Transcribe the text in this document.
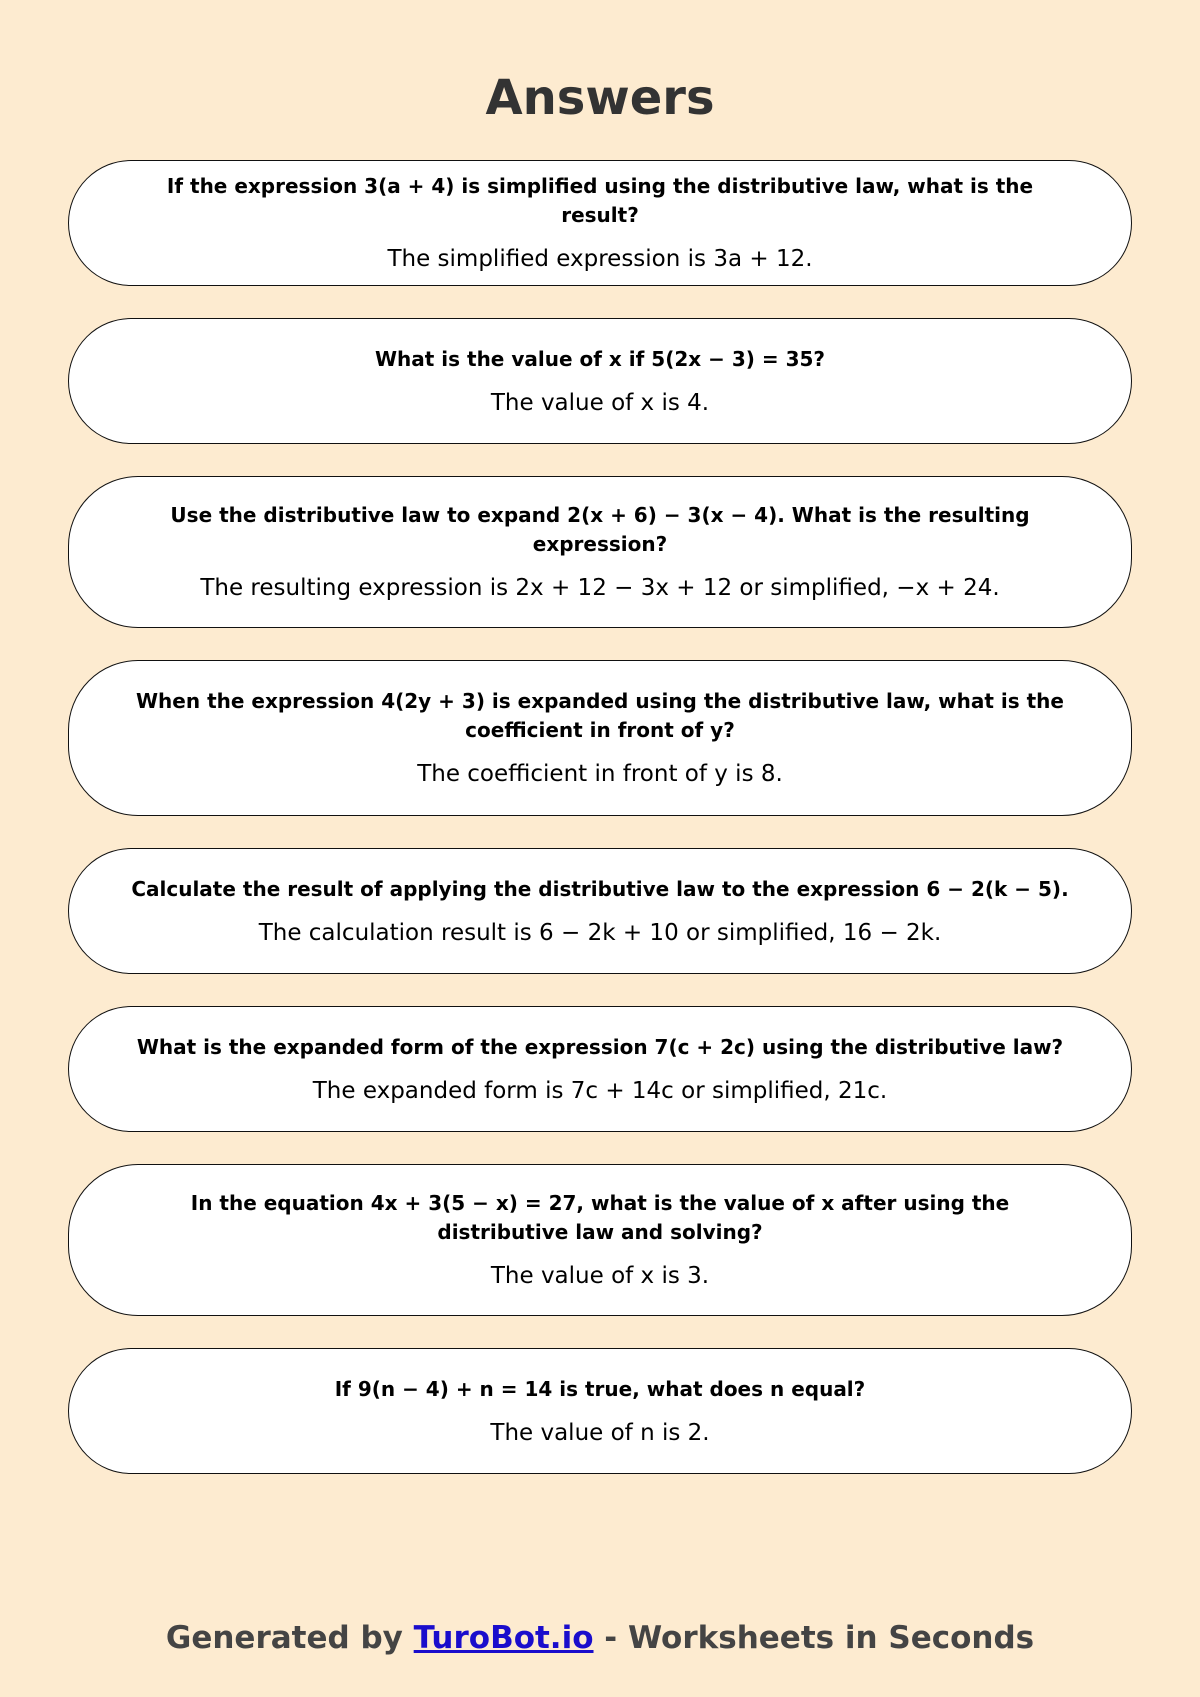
Answers

If the expression 3(a + 4) is simplified using the distributive law, what is the result?

The simplified expression is 3a + 12.

What is the value of x if 5(2x − 3) = 35?

The value of x is 4.

Use the distributive law to expand 2(x + 6) − 3(x − 4). What is the resulting expression?

The resulting expression is 2x + 12 − 3x + 12 or simplified, −x + 24.

When the expression 4(2y + 3) is expanded using the distributive law, what is the coefficient in front of y?

The coefficient in front of y is 8.

Calculate the result of applying the distributive law to the expression 6 − 2(k − 5).

The calculation result is 6 − 2k + 10 or simplified, 16 − 2k.

What is the expanded form of the expression 7(c + 2c) using the distributive law?

The expanded form is 7c + 14c or simplified, 21c.

In the equation 4x + 3(5 − x) = 27, what is the value of x after using the distributive law and solving?

The value of x is 3.

If 9(n − 4) + n = 14 is true, what does n equal?

The value of n is 2.

Generated by TuroBot.io - Worksheets in Seconds
